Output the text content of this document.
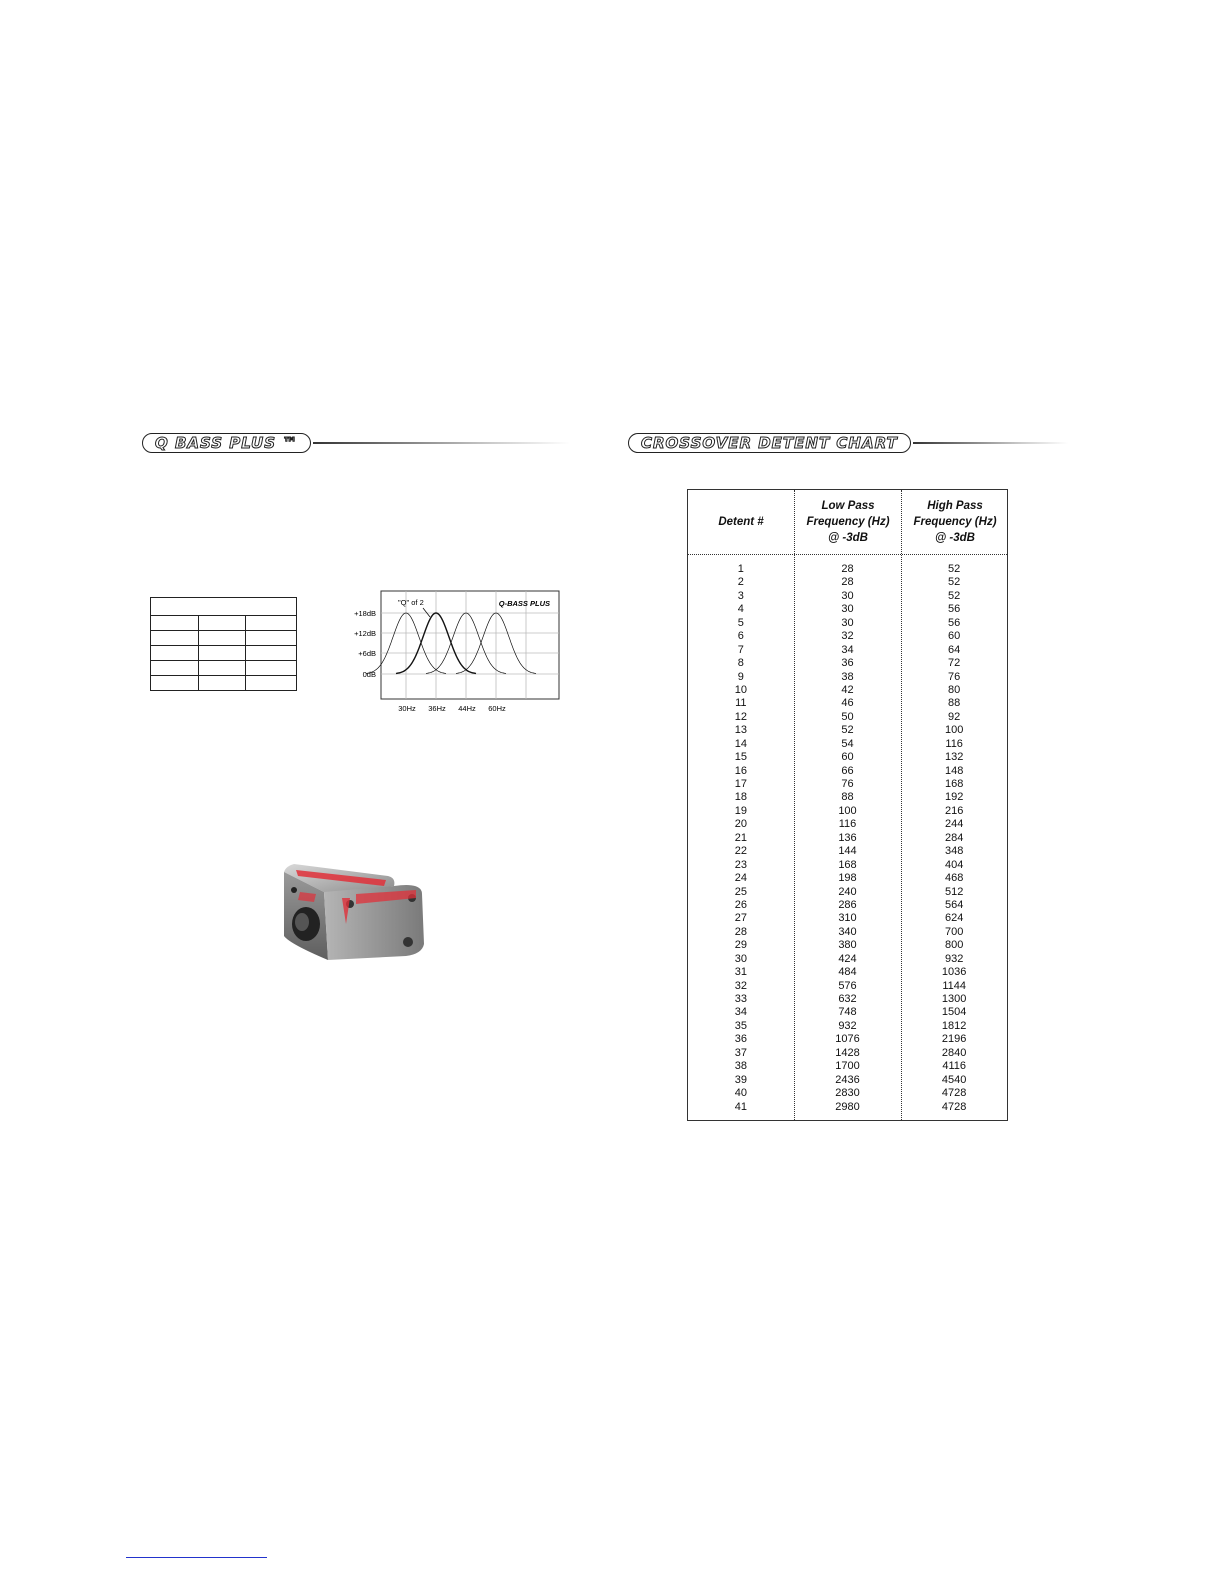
Q BASS PLUS ™	CROSSOVER DETENT CHART
+18dB
+12dB
+6dB
0dB
30Hz 36Hz 44Hz 60Hz
"Q" of 2	Q-BASS PLUS
Detent #
Low Pass
Frequency (Hz)
@ -3dB
High Pass
Frequency (Hz)
@ -3dB
1	28	52
2	28	52
3	30	52
4	30	56
5	30	56
6	32	60
7	34	64
8	36	72
9	38	76
10	42	80
11	46	88
12	50	92
13	52	100
14	54	116
15	60	132
16	66	148
17	76	168
18	88	192
19	100	216
20	116	244
21	136	284
22	144	348
23	168	404
24	198	468
25	240	512
26	286	564
27	310	624
28	340	700
29	380	800
30	424	932
31	484	1036
32	576	1144
33	632	1300
34	748	1504
35	932	1812
36	1076	2196
37	1428	2840
38	1700	4116
39	2436	4540
40	2830	4728
41	2980	4728
